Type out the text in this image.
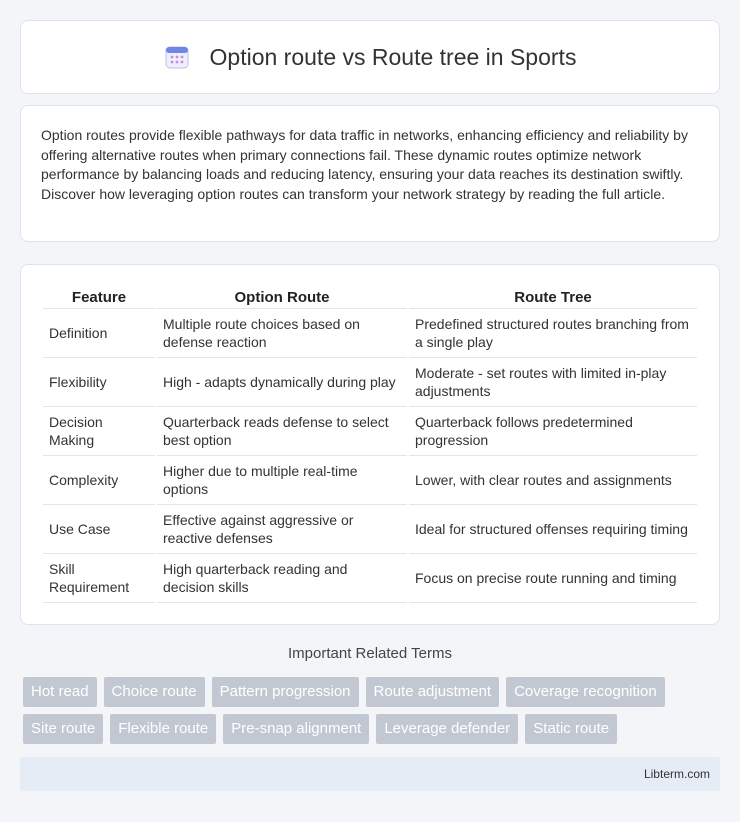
Option route vs Route tree in Sports

Option routes provide flexible pathways for data traffic in networks, enhancing efficiency and reliability by offering alternative routes when primary connections fail. These dynamic routes optimize network performance by balancing loads and reducing latency, ensuring your data reaches its destination swiftly. Discover how leveraging option routes can transform your network strategy by reading the full article.

Feature	Option Route	Route Tree
Definition	Multiple route choices based on defense reaction	Predefined structured routes branching from a single play
Flexibility	High - adapts dynamically during play	Moderate - set routes with limited in-play adjustments
Decision Making	Quarterback reads defense to select best option	Quarterback follows predetermined progression
Complexity	Higher due to multiple real-time options	Lower, with clear routes and assignments
Use Case	Effective against aggressive or reactive defenses	Ideal for structured offenses requiring timing
Skill Requirement	High quarterback reading and decision skills	Focus on precise route running and timing
Important Related Terms
Hot read	Choice route	Pattern progression	Route adjustment	Coverage recognition
Site route	Flexible route	Pre-snap alignment	Leverage defender	Static route
Libterm.com
